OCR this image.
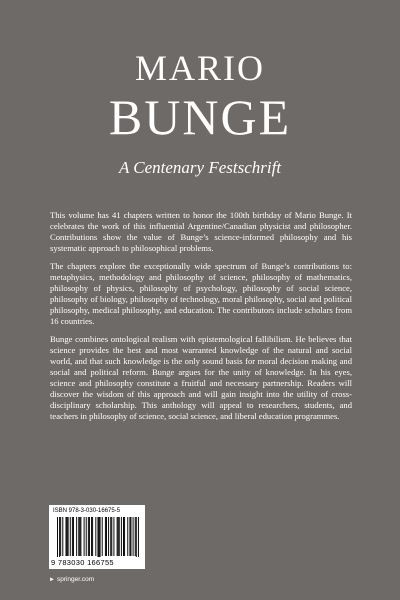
MARIO
BUNGE
A Centenary Festschrift

This volume has 41 chapters written to honor the 100th birthday of Mario Bunge. It celebrates the work of this influential Argentine/Canadian physicist and philosopher. Contributions show the value of Bunge’s science-informed philosophy and his systematic approach to philosophical problems.

The chapters explore the exceptionally wide spectrum of Bunge’s contributions to: metaphysics, methodology and philosophy of science, philosophy of mathematics, philosophy of physics, philosophy of psychology, philosophy of social science, philosophy of biology, philosophy of technology, moral philosophy, social and political philosophy, medical philosophy, and education. The contributors include scholars from 16 countries.

Bunge combines ontological realism with epistemological fallibilism. He believes that science provides the best and most warranted knowledge of the natural and social world, and that such knowledge is the only sound basis for moral decision making and social and political reform. Bunge argues for the unity of knowledge. In his eyes, science and philosophy constitute a fruitful and necessary partnership. Readers will discover the wisdom of this approach and will gain insight into the utility of cross-disciplinary scholarship. This anthology will appeal to researchers, students, and teachers in philosophy of science, social science, and liberal education programmes.

ISBN 978-3-030-16675-5
9 783030 166755
► springer.com
